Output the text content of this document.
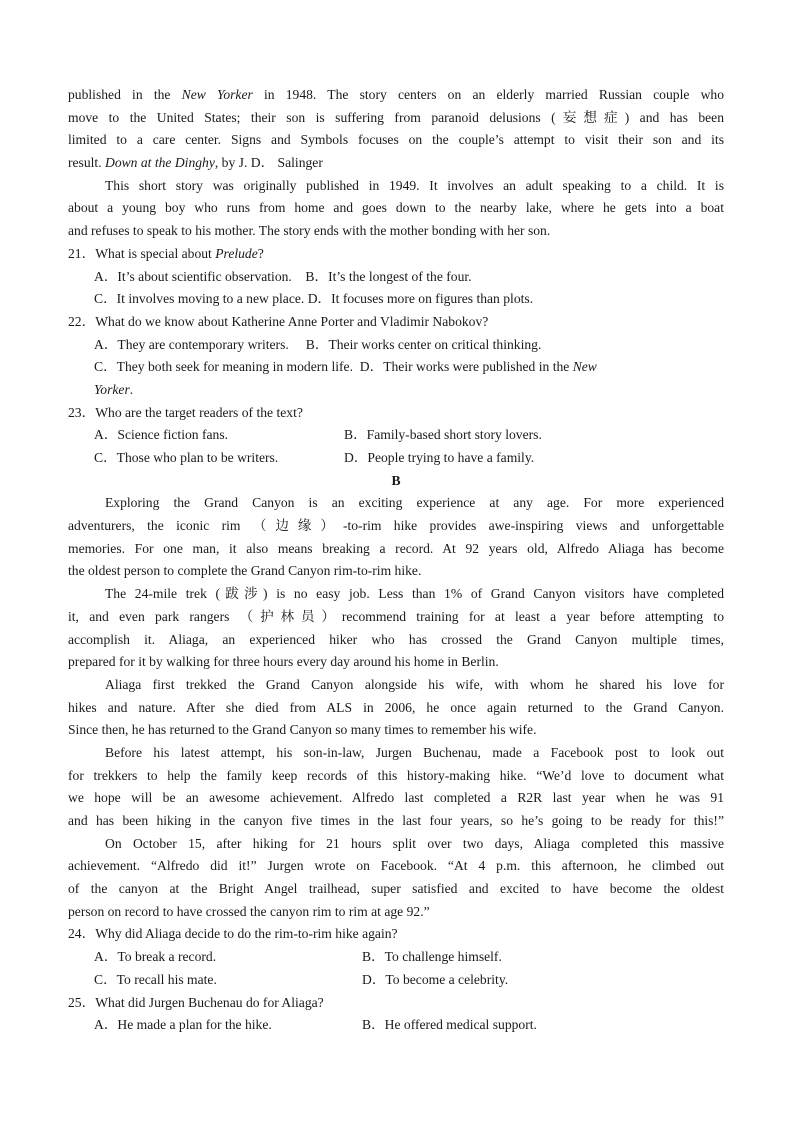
published in the New Yorker in 1948. The story centers on an elderly married Russian couple who
move to the United States; their son is suffering from paranoid delusions (妄想症) and has been
limited to a care center. Signs and Symbols focuses on the couple’s attempt to visit their son and its
result. Down at the Dinghy, by J. D． Salinger
This short story was originally published in 1949. It involves an adult speaking to a child. It is
about a young boy who runs from home and goes down to the nearby lake, where he gets into a boat
and refuses to speak to his mother. The story ends with the mother bonding with her son.
21．What is special about Prelude?
A．It’s about scientific observation. B．It’s the longest of the four.
C．It involves moving to a new place. D．It focuses more on figures than plots.
22．What do we know about Katherine Anne Porter and Vladimir Nabokov?
A．They are contemporary writers. B．Their works center on critical thinking.
C．They both seek for meaning in modern life. D．Their works were published in the New
Yorker.
23．Who are the target readers of the text?
A．Science fiction fans.	B．Family-based short story lovers.
C．Those who plan to be writers.	D．People trying to have a family.
B
Exploring the Grand Canyon is an exciting experience at any age. For more experienced
adventurers, the iconic rim （边缘）-to-rim hike provides awe-inspiring views and unforgettable
memories. For one man, it also means breaking a record. At 92 years old, Alfredo Aliaga has become
the oldest person to complete the Grand Canyon rim-to-rim hike.
The 24-mile trek (跋涉) is no easy job. Less than 1% of Grand Canyon visitors have completed
it, and even park rangers （护林员）recommend training for at least a year before attempting to
accomplish it. Aliaga, an experienced hiker who has crossed the Grand Canyon multiple times,
prepared for it by walking for three hours every day around his home in Berlin.
Aliaga first trekked the Grand Canyon alongside his wife, with whom he shared his love for
hikes and nature. After she died from ALS in 2006, he once again returned to the Grand Canyon.
Since then, he has returned to the Grand Canyon so many times to remember his wife.
Before his latest attempt, his son-in-law, Jurgen Buchenau, made a Facebook post to look out
for trekkers to help the family keep records of this history-making hike. “We’d love to document what
we hope will be an awesome achievement. Alfredo last completed a R2R last year when he was 91
and has been hiking in the canyon five times in the last four years, so he’s going to be ready for this!”
On October 15, after hiking for 21 hours split over two days, Aliaga completed this massive
achievement. “Alfredo did it!” Jurgen wrote on Facebook. “At 4 p.m. this afternoon, he climbed out
of the canyon at the Bright Angel trailhead, super satisfied and excited to have become the oldest
person on record to have crossed the canyon rim to rim at age 92.”
24．Why did Aliaga decide to do the rim-to-rim hike again?
A．To break a record.	B．To challenge himself.
C．To recall his mate.	D．To become a celebrity.
25．What did Jurgen Buchenau do for Aliaga?
A．He made a plan for the hike.	B．He offered medical support.
